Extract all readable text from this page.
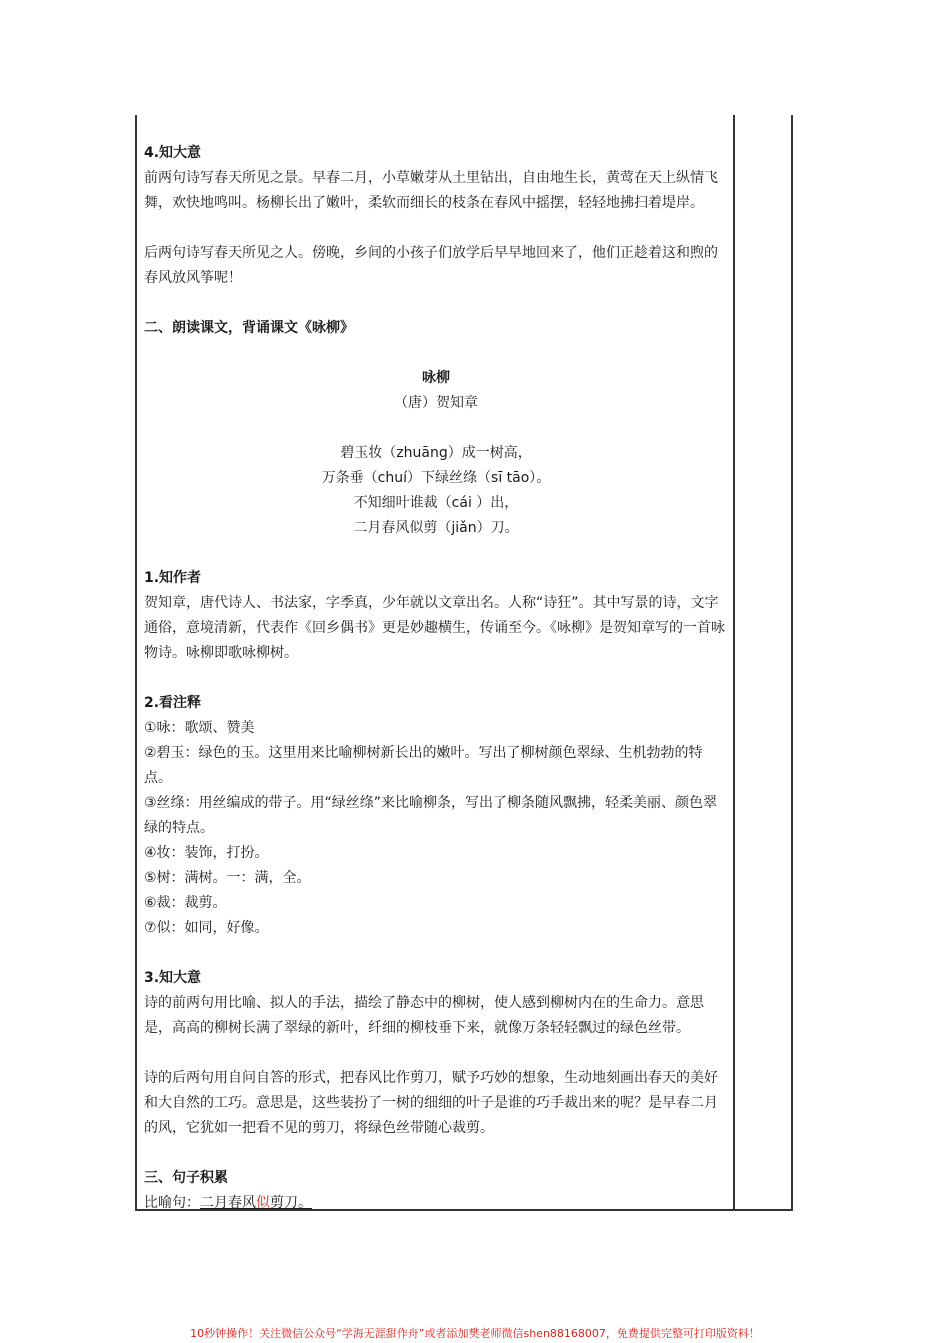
4.知大意
前两句诗写春天所见之景。早春二月，小草嫩芽从土里钻出，自由地生长，黄莺在天上纵情飞舞，欢快地鸣叫。杨柳长出了嫩叶，柔软而细长的枝条在春风中摇摆，轻轻地拂扫着堤岸。
后两句诗写春天所见之人。傍晚，乡间的小孩子们放学后早早地回来了，他们正趁着这和煦的春风放风筝呢！
二、朗读课文，背诵课文《咏柳》
咏柳
（唐）贺知章
碧玉妆（zhuāng）成一树高，
万条垂（chuí）下绿丝绦（sī tāo）。
不知细叶谁裁（cái ）出，
二月春风似剪（jiǎn）刀。
1.知作者
贺知章，唐代诗人、书法家，字季真，少年就以文章出名。人称“诗狂”。其中写景的诗，文字通俗，意境清新，代表作《回乡偶书》更是妙趣横生，传诵至今。《咏柳》是贺知章写的一首咏物诗。咏柳即歌咏柳树。
2.看注释
①咏：歌颂、赞美
②碧玉：绿色的玉。这里用来比喻柳树新长出的嫩叶。写出了柳树颜色翠绿、生机勃勃的特点。
③丝绦：用丝编成的带子。用“绿丝绦”来比喻柳条，写出了柳条随风飘拂，轻柔美丽、颜色翠绿的特点。
④妆：装饰，打扮。
⑤树：满树。一：满，全。
⑥裁：裁剪。
⑦似：如同，好像。
3.知大意
诗的前两句用比喻、拟人的手法，描绘了静态中的柳树，使人感到柳树内在的生命力。意思是，高高的柳树长满了翠绿的新叶，纤细的柳枝垂下来，就像万条轻轻飘过的绿色丝带。
诗的后两句用自问自答的形式，把春风比作剪刀，赋予巧妙的想象，生动地刻画出春天的美好和大自然的工巧。意思是，这些装扮了一树的细细的叶子是谁的巧手裁出来的呢？是早春二月的风，它犹如一把看不见的剪刀，将绿色丝带随心裁剪。
三、句子积累
比喻句：二月春风似剪刀。
10秒钟操作！关注微信公众号“学海无涯甜作舟”或者添加樊老师微信shen88168007，免费提供完整可打印版资料！
